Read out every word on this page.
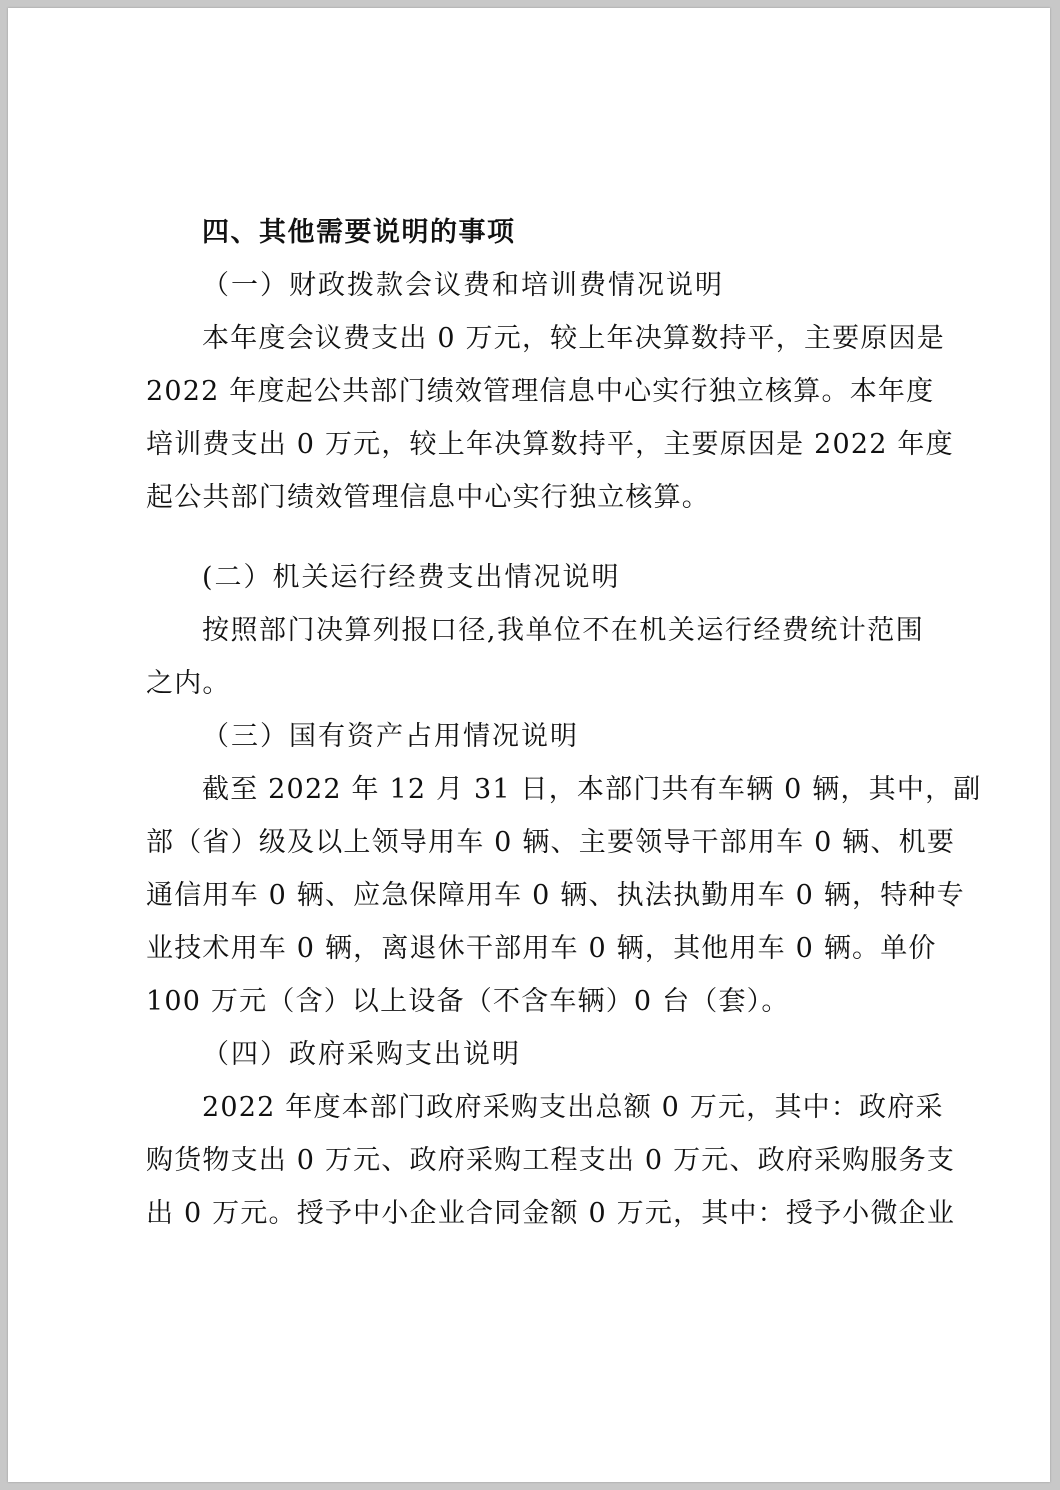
四、其他需要说明的事项
（一）财政拨款会议费和培训费情况说明
本年度会议费支出 0 万元，较上年决算数持平，主要原因是
2022 年度起公共部门绩效管理信息中心实行独立核算。本年度
培训费支出 0 万元，较上年决算数持平，主要原因是 2022 年度
起公共部门绩效管理信息中心实行独立核算。
(二）机关运行经费支出情况说明
按照部门决算列报口径,我单位不在机关运行经费统计范围
之内。
（三）国有资产占用情况说明
截至 2022 年 12 月 31 日，本部门共有车辆 0 辆，其中，副
部（省）级及以上领导用车 0 辆、主要领导干部用车 0 辆、机要
通信用车 0 辆、应急保障用车 0 辆、执法执勤用车 0 辆，特种专
业技术用车 0 辆，离退休干部用车 0 辆，其他用车 0 辆。单价
100 万元（含）以上设备（不含车辆）0 台（套）。
（四）政府采购支出说明
2022 年度本部门政府采购支出总额 0 万元，其中：政府采
购货物支出 0 万元、政府采购工程支出 0 万元、政府采购服务支
出 0 万元。授予中小企业合同金额 0 万元，其中：授予小微企业
